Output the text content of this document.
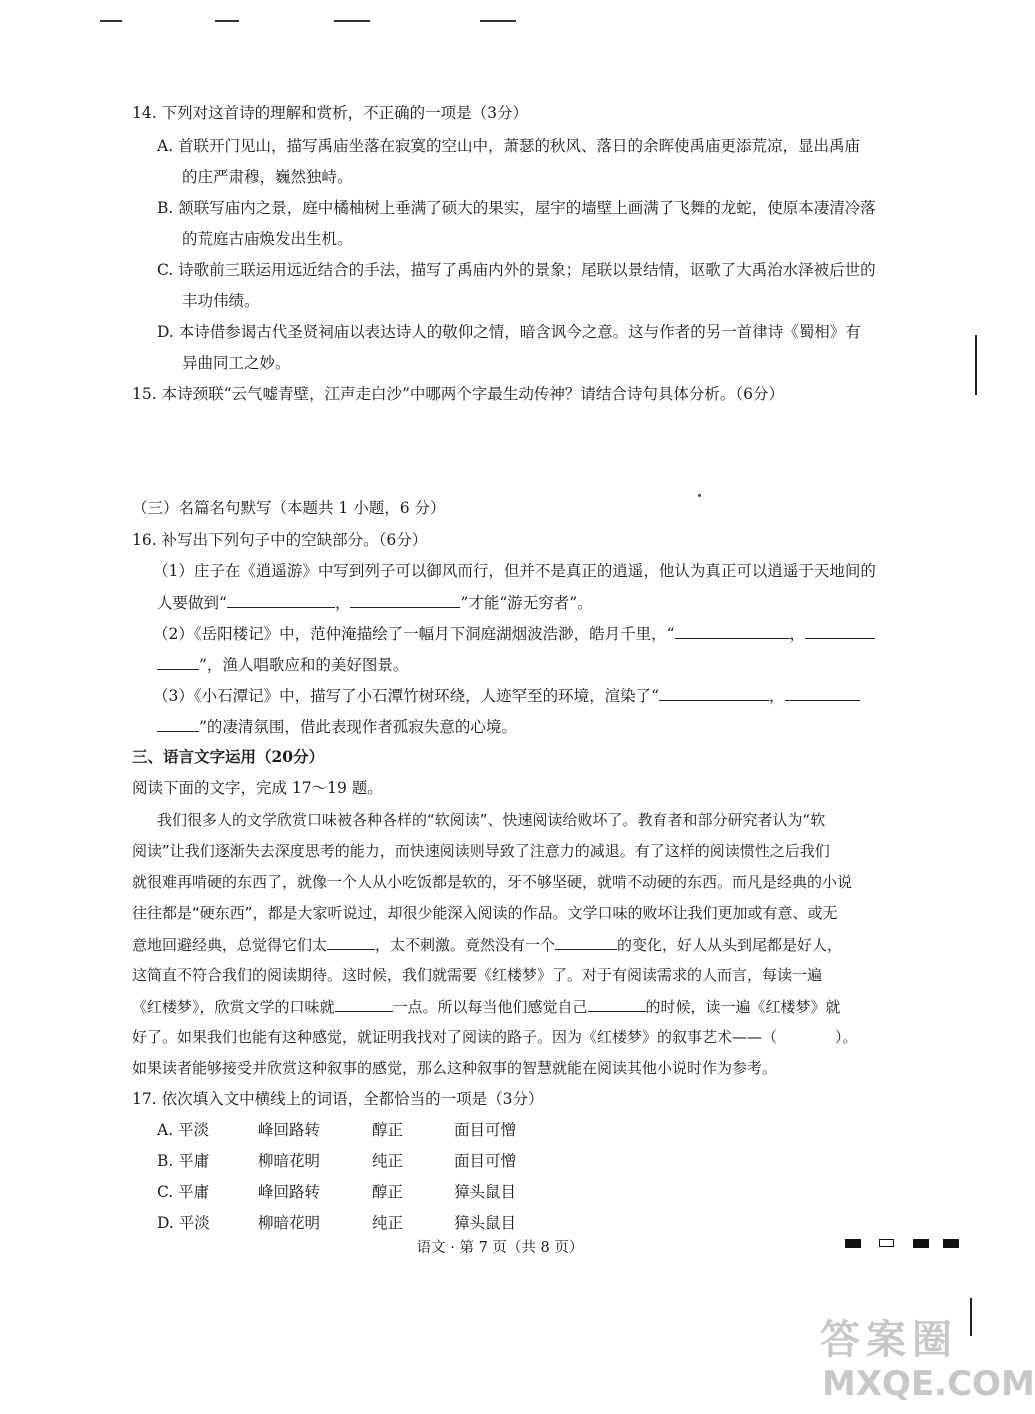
14. 下列对这首诗的理解和赏析，不正确的一项是（3分）
A. 首联开门见山，描写禹庙坐落在寂寞的空山中，萧瑟的秋风、落日的余晖使禹庙更添荒凉，显出禹庙
的庄严肃穆，巍然独峙。
B. 颔联写庙内之景，庭中橘柚树上垂满了硕大的果实，屋宇的墙壁上画满了飞舞的龙蛇，使原本凄清冷落
的荒庭古庙焕发出生机。
C. 诗歌前三联运用远近结合的手法，描写了禹庙内外的景象；尾联以景结情，讴歌了大禹治水泽被后世的
丰功伟绩。
D. 本诗借参谒古代圣贤祠庙以表达诗人的敬仰之情，暗含讽今之意。这与作者的另一首律诗《蜀相》有
异曲同工之妙。
15. 本诗颈联“云气嘘青壁，江声走白沙”中哪两个字最生动传神？请结合诗句具体分析。（6分）
（三）名篇名句默写（本题共 1 小题，6 分）
16. 补写出下列句子中的空缺部分。（6分）
（1）庄子在《逍遥游》中写到列子可以御风而行，但并不是真正的逍遥，他认为真正可以逍遥于天地间的
人要做到“	，	”才能“游无穷者”。
（2）《岳阳楼记》中，范仲淹描绘了一幅月下洞庭湖烟波浩渺，皓月千里，“	，
”，渔人唱歌应和的美好图景。
（3）《小石潭记》中，描写了小石潭竹树环绕，人迹罕至的环境，渲染了“	，
”的凄清氛围，借此表现作者孤寂失意的心境。
三、语言文字运用（20分）
阅读下面的文字，完成 17～19 题。
我们很多人的文学欣赏口味被各种各样的“软阅读”、快速阅读给败坏了。教育者和部分研究者认为“软
阅读”让我们逐渐失去深度思考的能力，而快速阅读则导致了注意力的减退。有了这样的阅读惯性之后我们
就很难再啃硬的东西了，就像一个人从小吃饭都是软的，牙不够坚硬，就啃不动硬的东西。而凡是经典的小说
往往都是“硬东西”，都是大家听说过，却很少能深入阅读的作品。文学口味的败坏让我们更加或有意、或无
意地回避经典，总觉得它们太	，太不刺激。竟然没有一个	的变化，好人从头到尾都是好人，
这简直不符合我们的阅读期待。这时候，我们就需要《红楼梦》了。对于有阅读需求的人而言，每读一遍
《红楼梦》，欣赏文学的口味就	一点。所以每当他们感觉自己	的时候，读一遍《红楼梦》就
好了。如果我们也能有这种感觉，就证明我找对了阅读的路子。因为《红楼梦》的叙事艺术——（	）。
如果读者能够接受并欣赏这种叙事的感觉，那么这种叙事的智慧就能在阅读其他小说时作为参考。
17. 依次填入文中横线上的词语，全都恰当的一项是（3分）
A. 平淡	峰回路转	醇正	面目可憎
B. 平庸	柳暗花明	纯正	面目可憎
C. 平庸	峰回路转	醇正	獐头鼠目
D. 平淡	柳暗花明	纯正	獐头鼠目
语文 · 第 7 页（共 8 页）
答案圈
MXQE.COM
